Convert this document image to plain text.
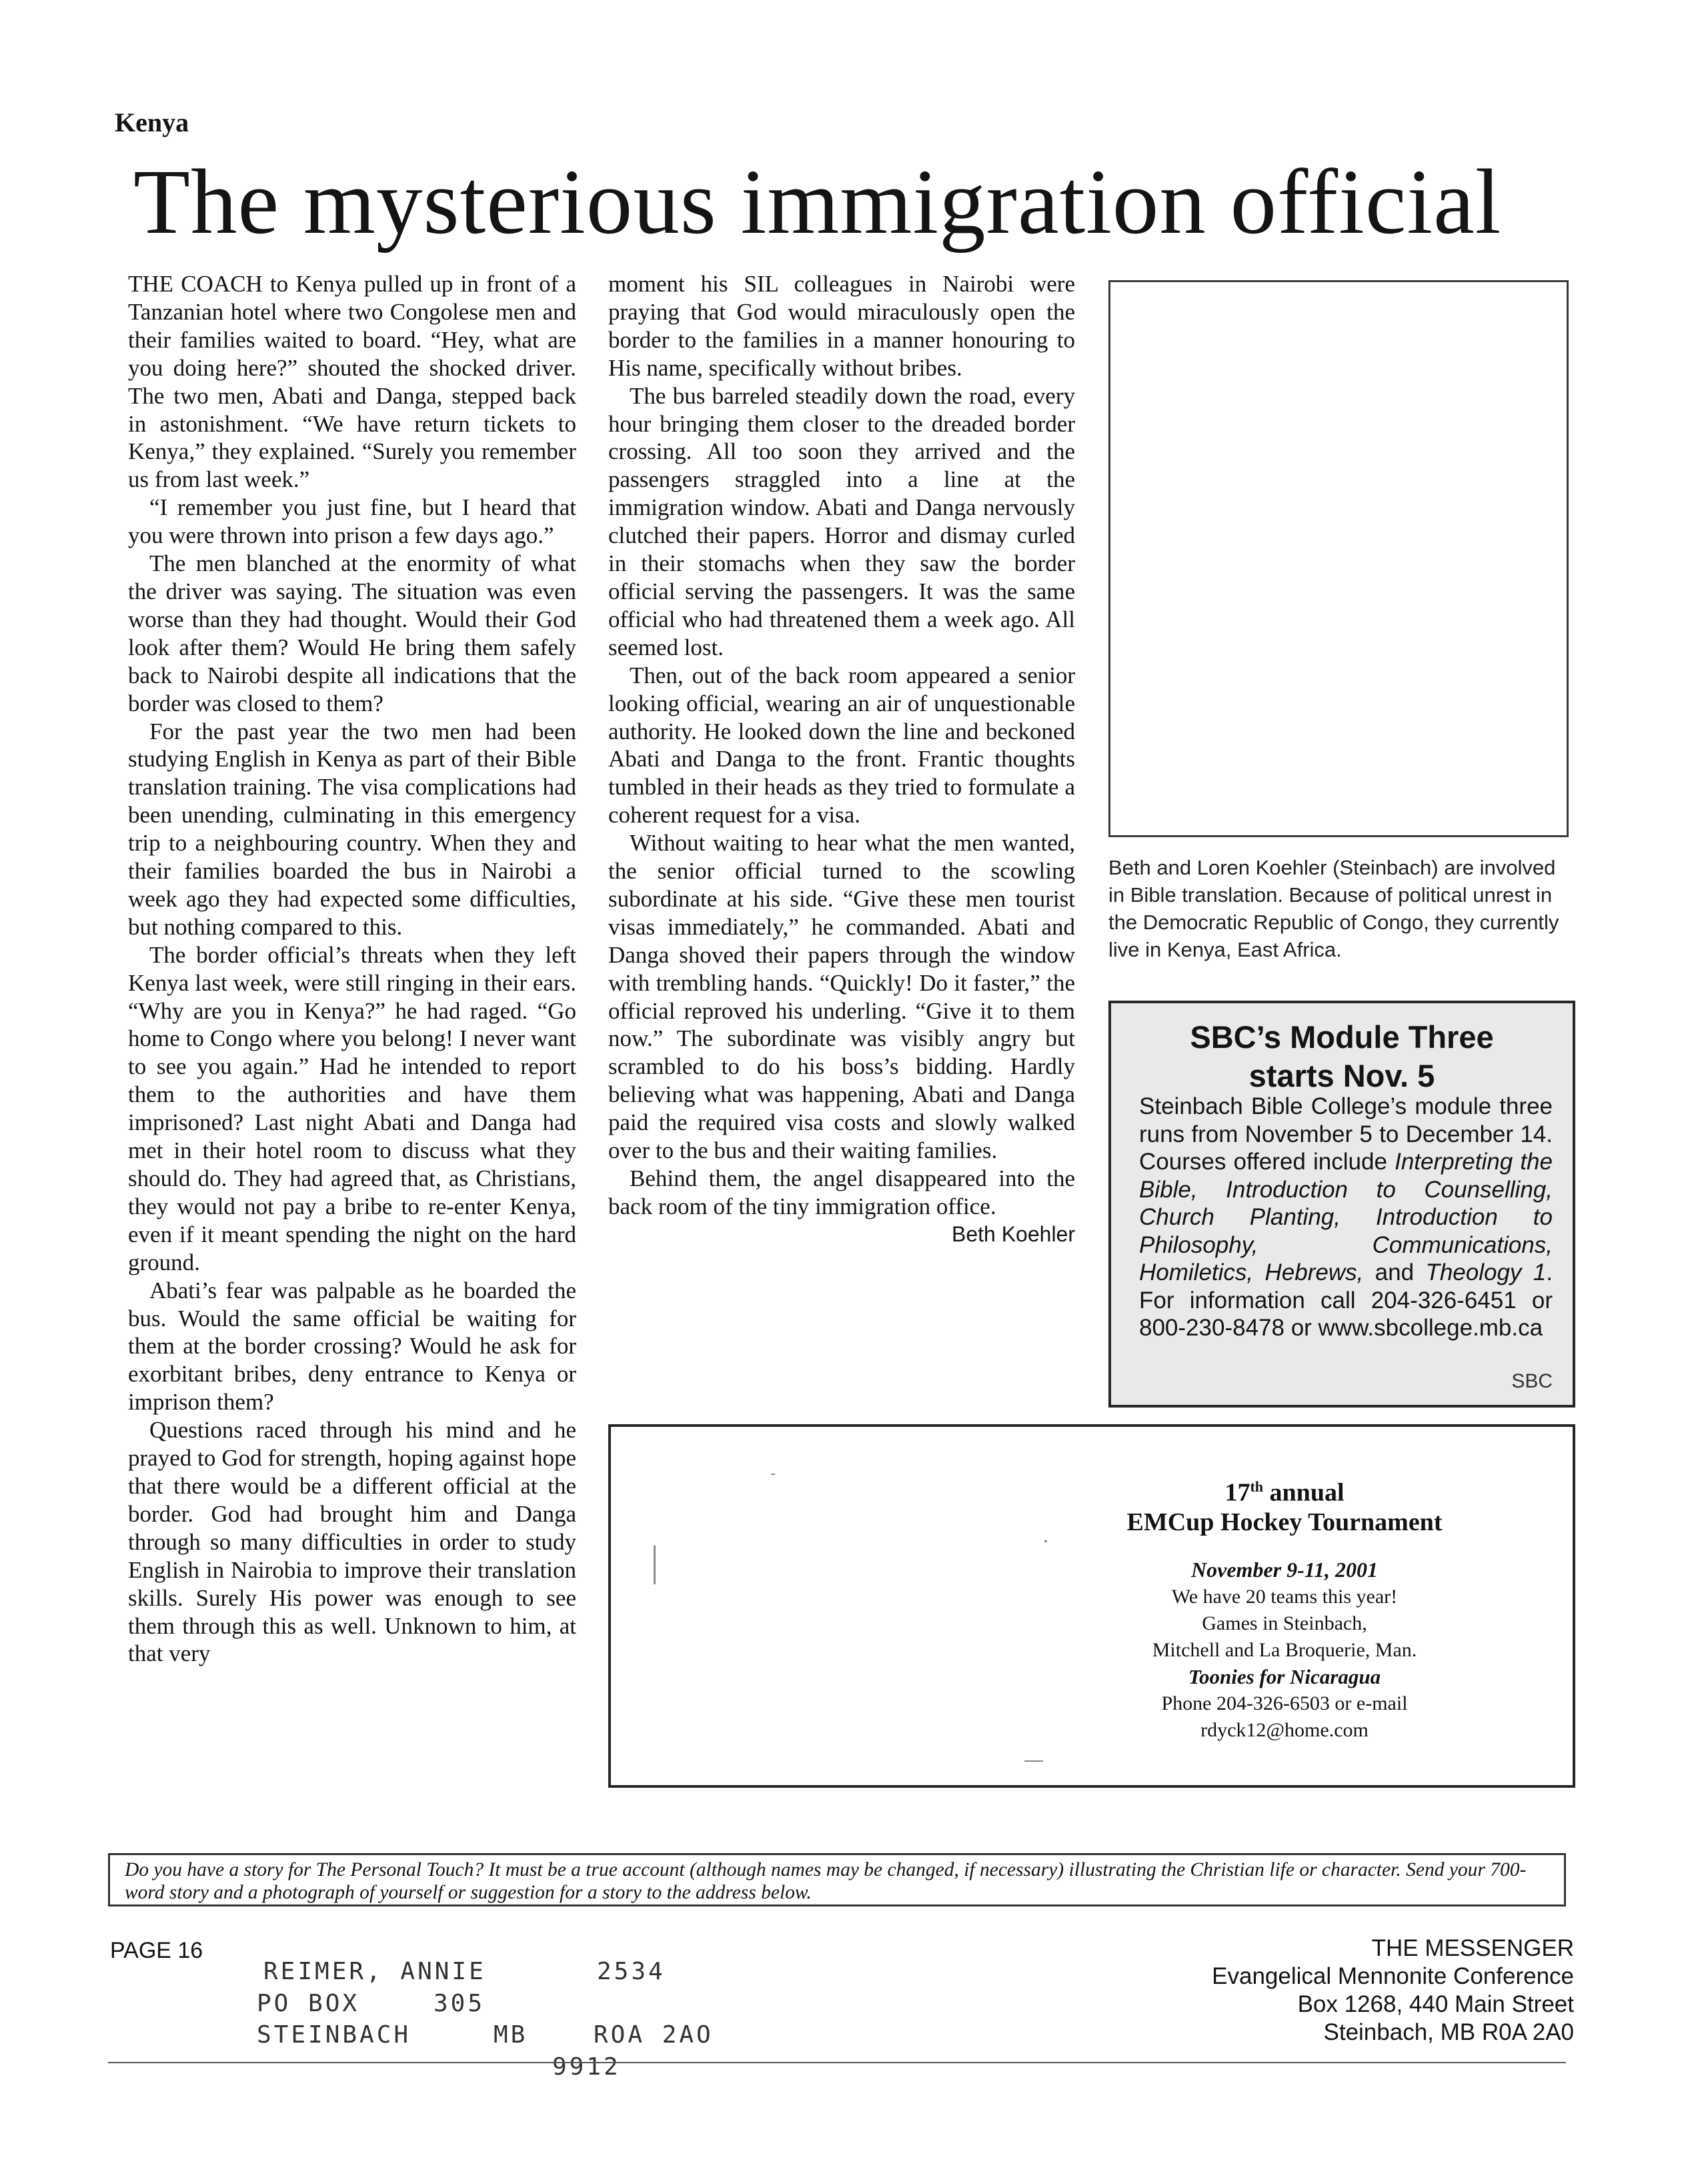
Kenya
The mysterious immigration official

THE COACH to Kenya pulled up in front of a Tanzanian hotel where two Congolese men and their families waited to board. “Hey, what are you doing here?” shouted the shocked driver. The two men, Abati and Danga, stepped back in astonishment. “We have return tickets to Kenya,” they explained. “Surely you remember us from last week.”

“I remember you just fine, but I heard that you were thrown into prison a few days ago.”

The men blanched at the enormity of what the driver was saying. The situation was even worse than they had thought. Would their God look after them? Would He bring them safely back to Nairobi despite all indications that the border was closed to them?

For the past year the two men had been studying English in Kenya as part of their Bible translation training. The visa complications had been unending, culminating in this emergency trip to a neighbouring country. When they and their families boarded the bus in Nairobi a week ago they had expected some difficulties, but nothing compared to this.

The border official’s threats when they left Kenya last week, were still ringing in their ears. “Why are you in Kenya?” he had raged. “Go home to Congo where you belong! I never want to see you again.” Had he intended to report them to the authorities and have them imprisoned? Last night Abati and Danga had met in their hotel room to discuss what they should do. They had agreed that, as Christians, they would not pay a bribe to re-enter Kenya, even if it meant spending the night on the hard ground.

Abati’s fear was palpable as he boarded the bus. Would the same official be waiting for them at the border crossing? Would he ask for exorbitant bribes, deny entrance to Kenya or imprison them?

Questions raced through his mind and he prayed to God for strength, hoping against hope that there would be a different official at the border. God had brought him and Danga through so many difficulties in order to study English in Nairobia to improve their translation skills. Surely His power was enough to see them through this as well. Unknown to him, at that very

moment his SIL colleagues in Nairobi were praying that God would miraculously open the border to the families in a manner honouring to His name, specifically without bribes.

The bus barreled steadily down the road, every hour bringing them closer to the dreaded border crossing. All too soon they arrived and the passengers straggled into a line at the immigration window. Abati and Danga nervously clutched their papers. Horror and dismay curled in their stomachs when they saw the border official serving the passengers. It was the same official who had threatened them a week ago. All seemed lost.

Then, out of the back room appeared a senior looking official, wearing an air of unquestionable authority. He looked down the line and beckoned Abati and Danga to the front. Frantic thoughts tumbled in their heads as they tried to formulate a coherent request for a visa.

Without waiting to hear what the men wanted, the senior official turned to the scowling subordinate at his side. “Give these men tourist visas immediately,” he commanded. Abati and Danga shoved their papers through the window with trembling hands. “Quickly! Do it faster,” the official reproved his underling. “Give it to them now.” The subordinate was visibly angry but scrambled to do his boss’s bidding. Hardly believing what was happening, Abati and Danga paid the required visa costs and slowly walked over to the bus and their waiting families.

Behind them, the angel disappeared into the back room of the tiny immigration office.

Beth Koehler
Beth and Loren Koehler (Steinbach) are involved in Bible translation. Because of political unrest in the Democratic Republic of Congo, they currently live in Kenya, East Africa.
SBC’s Module Three
starts Nov. 5
Steinbach Bible College’s module three runs from November 5 to December 14. Courses offered include Interpreting the Bible, Introduction to Counselling, Church Planting, Introduction to Philosophy, Communications, Homiletics, Hebrews, and Theology 1. For information call 204-326-6451 or 800-230-8478 or www.sbcollege.mb.ca
SBC
17th annual
EMCup Hockey Tournament
November 9-11, 2001
We have 20 teams this year!
Games in Steinbach,
Mitchell and La Broquerie, Man.
Toonies for Nicaragua
Phone 204-326-6503 or e-mail
rdyck12@home.com
Do you have a story for The Personal Touch? It must be a true account (although names may be changed, if necessary) illustrating the Christian life or character. Send your 700-word story and a photograph of yourself or suggestion for a story to the address below.
PAGE 16
REIMER, ANNIE	2534
PO BOX	305
STEINBACH	MB	ROA 2AO
9912
THE MESSENGER
Evangelical Mennonite Conference
Box 1268, 440 Main Street
Steinbach, MB R0A 2A0
